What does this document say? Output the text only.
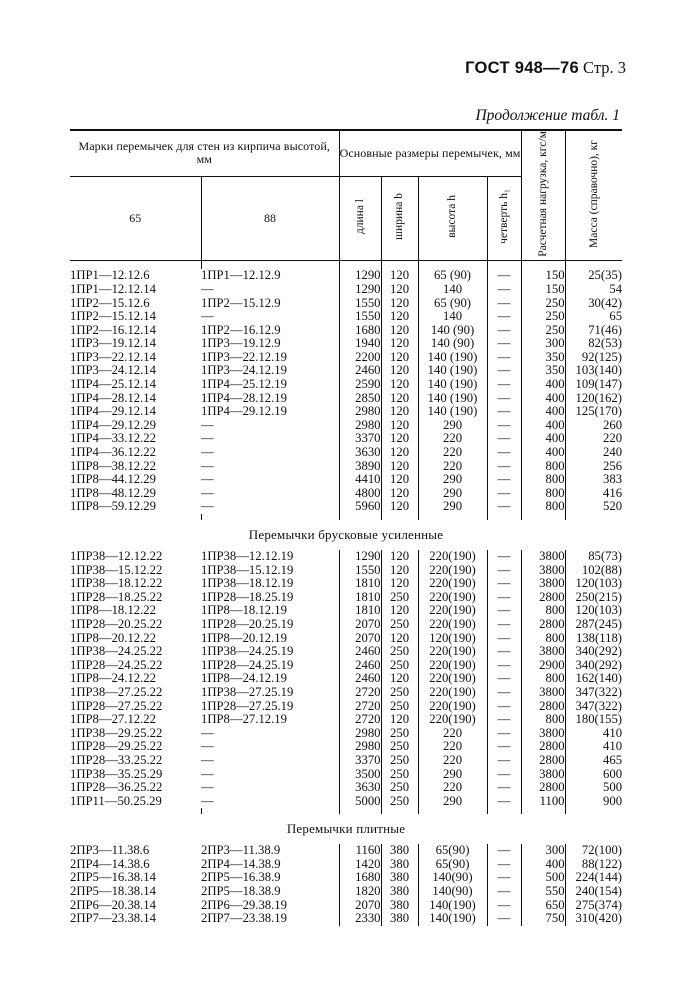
ГОСТ 948—76 Стр. 3
Продолжение табл. 1
Марки перемычек для стен из кирпича высотой, мм		Основные размеры перемычек, мм				Расчетная нагрузка, кгс/м	Масса (справочно), кг
65	88	длина l	ширина b	высота h	четверть h₁		

1ПР1—12.12.6	1ПР1—12.12.9	1290	120	65 (90)	—	150	25(35)
1ПР1—12.12.14	—	1290	120	140	—	150	54
1ПР2—15.12.6	1ПР2—15.12.9	1550	120	65 (90)	—	250	30(42)
1ПР2—15.12.14	—	1550	120	140	—	250	65
1ПР2—16.12.14	1ПР2—16.12.9	1680	120	140 (90)	—	250	71(46)
1ПР3—19.12.14	1ПР3—19.12.9	1940	120	140 (90)	—	300	82(53)
1ПР3—22.12.14	1ПР3—22.12.19	2200	120	140 (190)	—	350	92(125)
1ПР3—24.12.14	1ПР3—24.12.19	2460	120	140 (190)	—	350	103(140)
1ПР4—25.12.14	1ПР4—25.12.19	2590	120	140 (190)	—	400	109(147)
1ПР4—28.12.14	1ПР4—28.12.19	2850	120	140 (190)	—	400	120(162)
1ПР4—29.12.14	1ПР4—29.12.19	2980	120	140 (190)	—	400	125(170)
1ПР4—29.12.29	—	2980	120	290	—	400	260
1ПР4—33.12.22	—	3370	120	220	—	400	220
1ПР4—36.12.22	—	3630	120	220	—	400	240
1ПР8—38.12.22	—	3890	120	220	—	800	256
1ПР8—44.12.29	—	4410	120	290	—	800	383
1ПР8—48.12.29	—	4800	120	290	—	800	416
1ПР8—59.12.29	—	5960	120	290	—	800	520

Перемычки брусковые усиленные							
1ПР38—12.12.22	1ПР38—12.12.19	1290	120	220(190)	—	3800	85(73)
1ПР38—15.12.22	1ПР38—15.12.19	1550	120	220(190)	—	3800	102(88)
1ПР38—18.12.22	1ПР38—18.12.19	1810	120	220(190)	—	3800	120(103)
1ПР28—18.25.22	1ПР28—18.25.19	1810	250	220(190)	—	2800	250(215)
1ПР8—18.12.22	1ПР8—18.12.19	1810	120	220(190)	—	800	120(103)
1ПР28—20.25.22	1ПР28—20.25.19	2070	250	220(190)	—	2800	287(245)
1ПР8—20.12.22	1ПР8—20.12.19	2070	120	120(190)	—	800	138(118)
1ПР38—24.25.22	1ПР38—24.25.19	2460	250	220(190)	—	3800	340(292)
1ПР28—24.25.22	1ПР28—24.25.19	2460	250	220(190)	—	2900	340(292)
1ПР8—24.12.22	1ПР8—24.12.19	2460	120	220(190)	—	800	162(140)
1ПР38—27.25.22	1ПР38—27.25.19	2720	250	220(190)	—	3800	347(322)
1ПР28—27.25.22	1ПР28—27.25.19	2720	250	220(190)	—	2800	347(322)
1ПР8—27.12.22	1ПР8—27.12.19	2720	120	220(190)	—	800	180(155)
1ПР38—29.25.22	—	2980	250	220	—	3800	410
1ПР28—29.25.22	—	2980	250	220	—	2800	410
1ПР28—33.25.22	—	3370	250	220	—	2800	465
1ПР38—35.25.29	—	3500	250	290	—	3800	600
1ПР28—36.25.22	—	3630	250	220	—	2800	500
1ПР11—50.25.29	—	5000	250	290	—	1100	900

Перемычки плитные							
2ПР3—11.38.6	2ПР3—11.38.9	1160	380	65(90)	—	300	72(100)
2ПР4—14.38.6	2ПР4—14.38.9	1420	380	65(90)	—	400	88(122)
2ПР5—16.38.14	2ПР5—16.38.9	1680	380	140(90)	—	500	224(144)
2ПР5—18.38.14	2ПР5—18.38.9	1820	380	140(90)	—	550	240(154)
2ПР6—20.38.14	2ПР6—29.38.19	2070	380	140(190)	—	650	275(374)
2ПР7—23.38.14	2ПР7—23.38.19	2330	380	140(190)	—	750	310(420)
